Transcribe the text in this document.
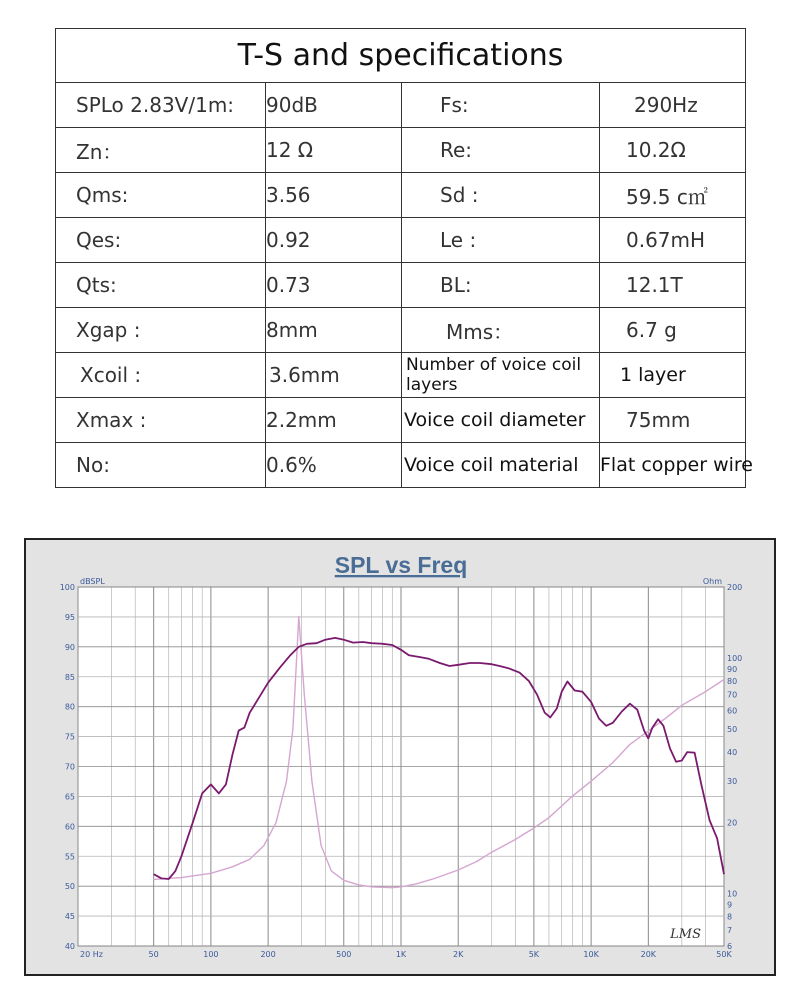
T-S and specifications			
SPLo 2.83V/1m:	90dB	Fs:	290Hz
Zn：	12 Ω	Re:	10.2Ω
Qms:	3.56	Sd :	59.5 c㎡
Qes:	0.92	Le :	0.67mH
Qts:	0.73	BL:	12.1T
Xgap :	8mm	Mms：	6.7 g
Xcoil :	3.6mm	Number of voice coil layers	1 layer
Xmax :	2.2mm	Voice coil diameter	75mm
No:	0.6%	Voice coil material	Flat copper wire
40
45
50
55
60
65
70
75
80
85
90
95
100
6
7
8
9
10
20
30
40
50
60
70
80
90
100
200
20 Hz	50	100	200	500	1K	2K	5K	10K	20K	50K
SPL vs Freq
dBSPL	Ohm
LMS
